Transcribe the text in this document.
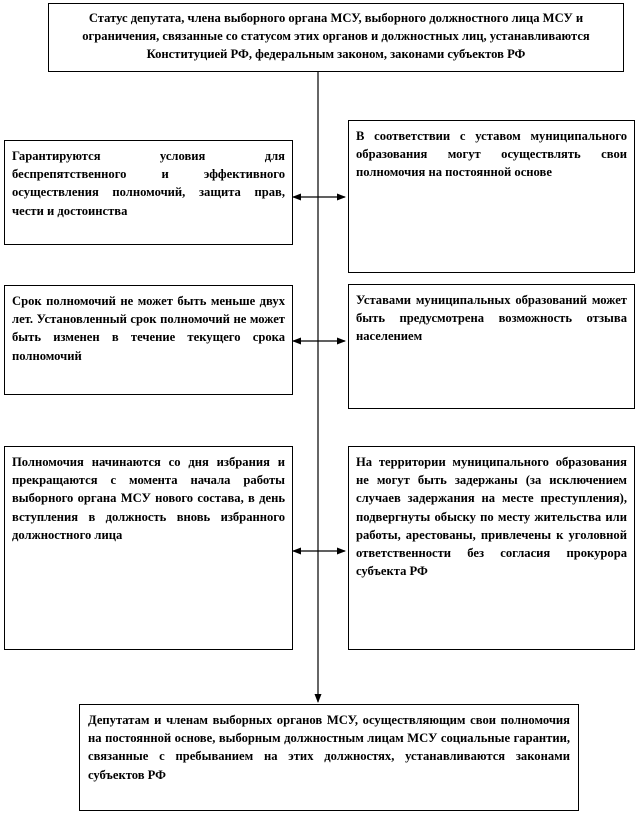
Статус депутата, члена выборного органа МСУ, выборного должностного лица МСУ и ограничения, связанные со статусом этих органов и должностных лиц, устанавливаются Конституцией РФ, федеральным законом, законами субъектов РФ

Гарантируются условия для беспрепятственного и эффективного осуществления полномочий, защита прав, чести и достоинства

В соответствии с уставом муниципального образования могут осуществлять свои полномочия на постоянной основе

Срок полномочий не может быть меньше двух лет. Установленный срок полномочий не может быть изменен в течение текущего срока полномочий

Уставами муниципальных образований может быть предусмотрена возможность отзыва населением

Полномочия начинаются со дня избрания и прекращаются с момента начала работы выборного органа МСУ нового состава, в день вступления в должность вновь избранного должностного лица

На территории муниципального образования не могут быть задержаны (за исключением случаев задержания на месте преступления), подвергнуты обыску по месту жительства или работы, арестованы, привлечены к уголовной ответственности без согласия прокурора субъекта РФ

Депутатам и членам выборных органов МСУ, осуществляющим свои полномочия на постоянной основе, выборным должностным лицам МСУ социальные гарантии, связанные с пребыванием на этих должностях, устанавливаются законами субъектов РФ
